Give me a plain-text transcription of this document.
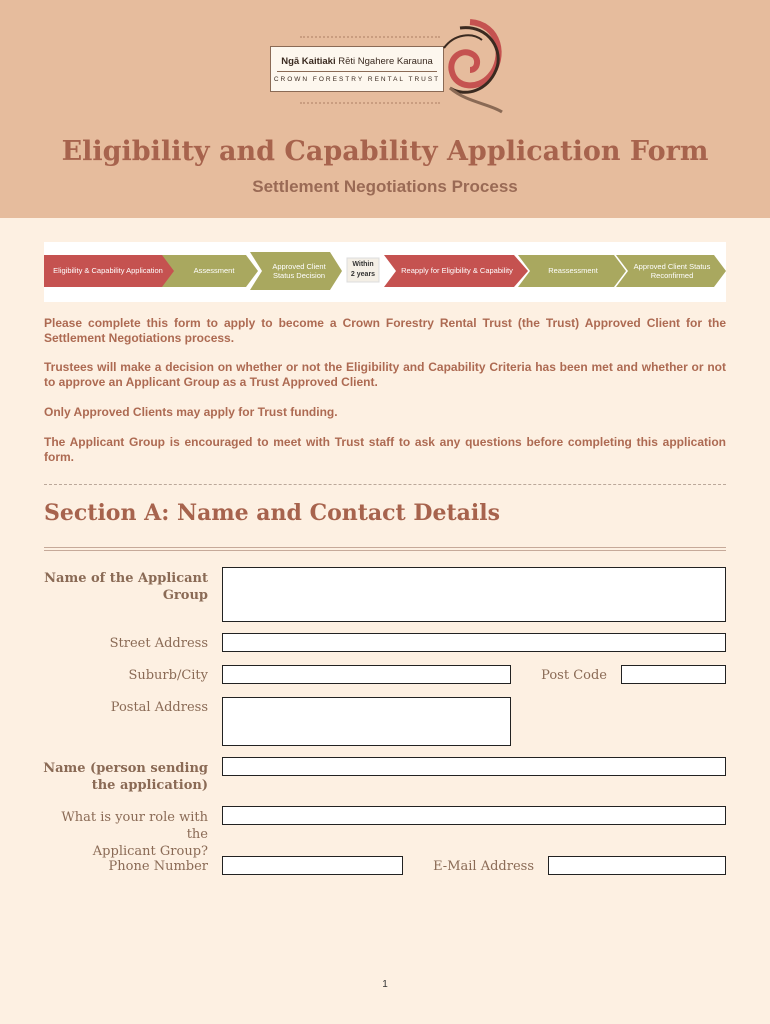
Ngā Kaitiaki Rēti Ngahere Karauna
CROWN FORESTRY RENTAL TRUST
Eligibility and Capability Application Form
Settlement Negotiations Process
Eligibility & Capability Application	Assessment
Approved Client Status Decision
Within
2 years	Reapply for Eligibility & Capability	Reassessment
Approved Client Status Reconfirmed
Please complete this form to apply to become a Crown Forestry Rental Trust (the Trust) Approved Client for the Settlement Negotiations process.
Trustees will make a decision on whether or not the Eligibility and Capability Criteria has been met and whether or not to approve an Applicant Group as a Trust Approved Client.
Only Approved Clients may apply for Trust funding.
The Applicant Group is encouraged to meet with Trust staff to ask any questions before completing this application form.
Section A: Name and Contact Details
Name of the Applicant
Group
Street Address
Suburb/City	Post Code
Postal Address
Name (person sending
the application)
What is your role with the
Applicant Group?
Phone Number	E-Mail Address
1
